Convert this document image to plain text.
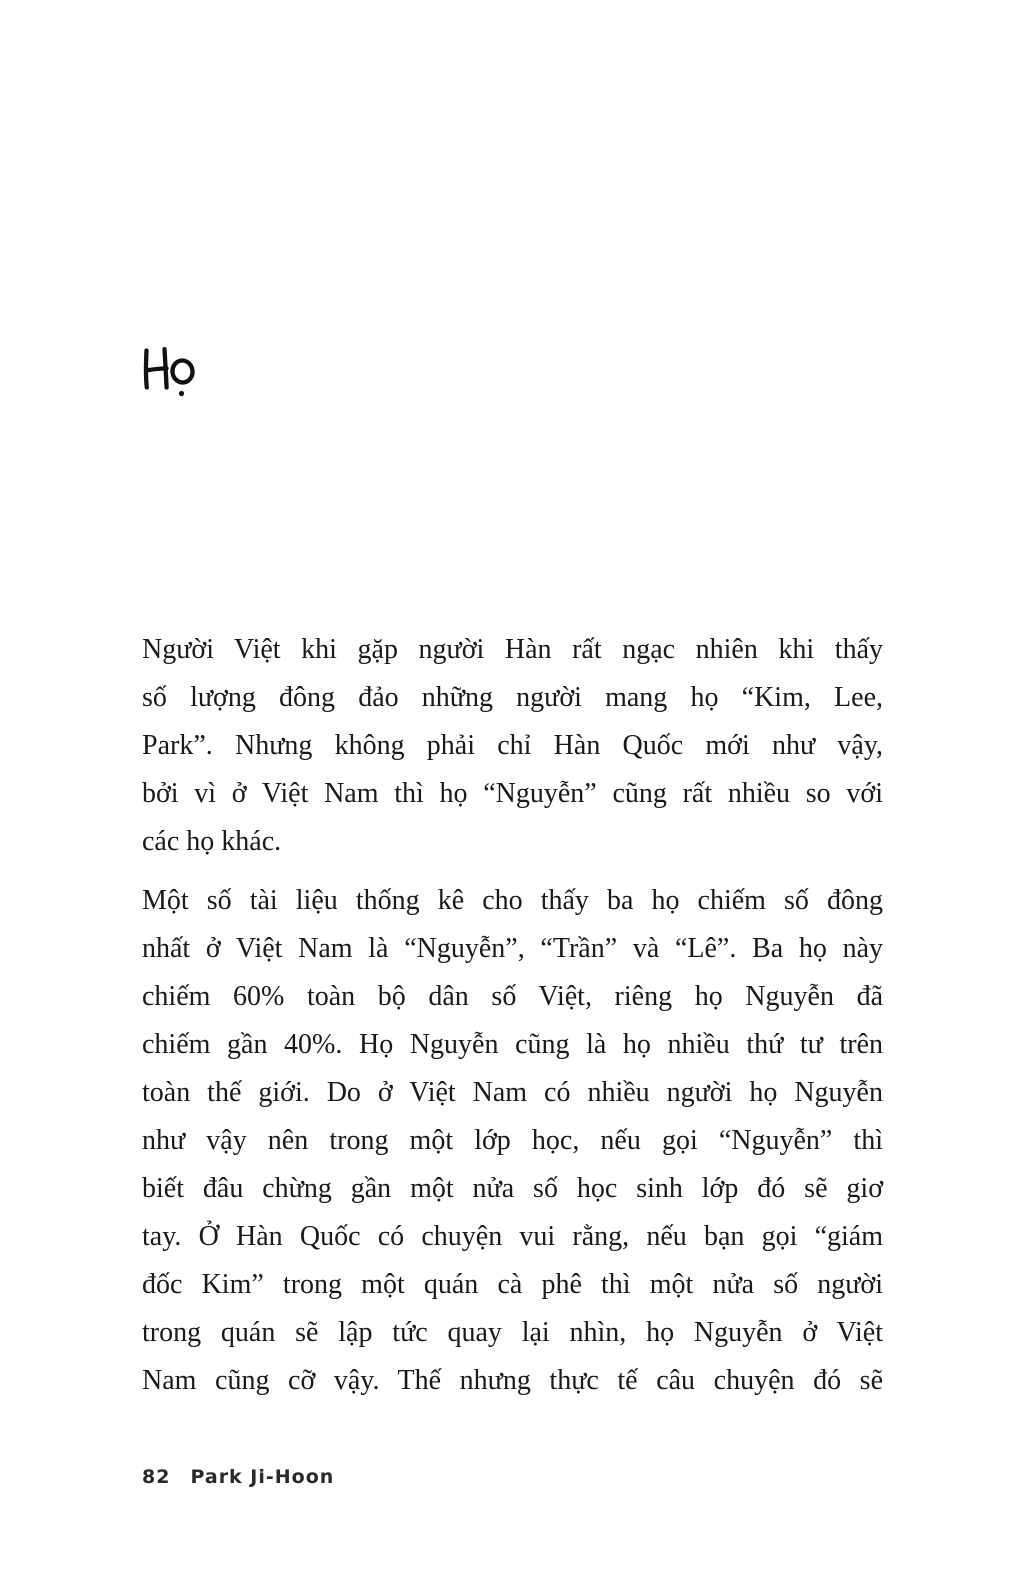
Người Việt khi gặp người Hàn rất ngạc nhiên khi thấy
số lượng đông đảo những người mang họ “Kim, Lee,
Park”. Nhưng không phải chỉ Hàn Quốc mới như vậy,
bởi vì ở Việt Nam thì họ “Nguyễn” cũng rất nhiều so với
các họ khác.
Một số tài liệu thống kê cho thấy ba họ chiếm số đông
nhất ở Việt Nam là “Nguyễn”, “Trần” và “Lê”. Ba họ này
chiếm 60% toàn bộ dân số Việt, riêng họ Nguyễn đã
chiếm gần 40%. Họ Nguyễn cũng là họ nhiều thứ tư trên
toàn thế giới. Do ở Việt Nam có nhiều người họ Nguyễn
như vậy nên trong một lớp học, nếu gọi “Nguyễn” thì
biết đâu chừng gần một nửa số học sinh lớp đó sẽ giơ
tay. Ở Hàn Quốc có chuyện vui rằng, nếu bạn gọi “giám
đốc Kim” trong một quán cà phê thì một nửa số người
trong quán sẽ lập tức quay lại nhìn, họ Nguyễn ở Việt
Nam cũng cỡ vậy. Thế nhưng thực tế câu chuyện đó sẽ
82 Park Ji-Hoon
